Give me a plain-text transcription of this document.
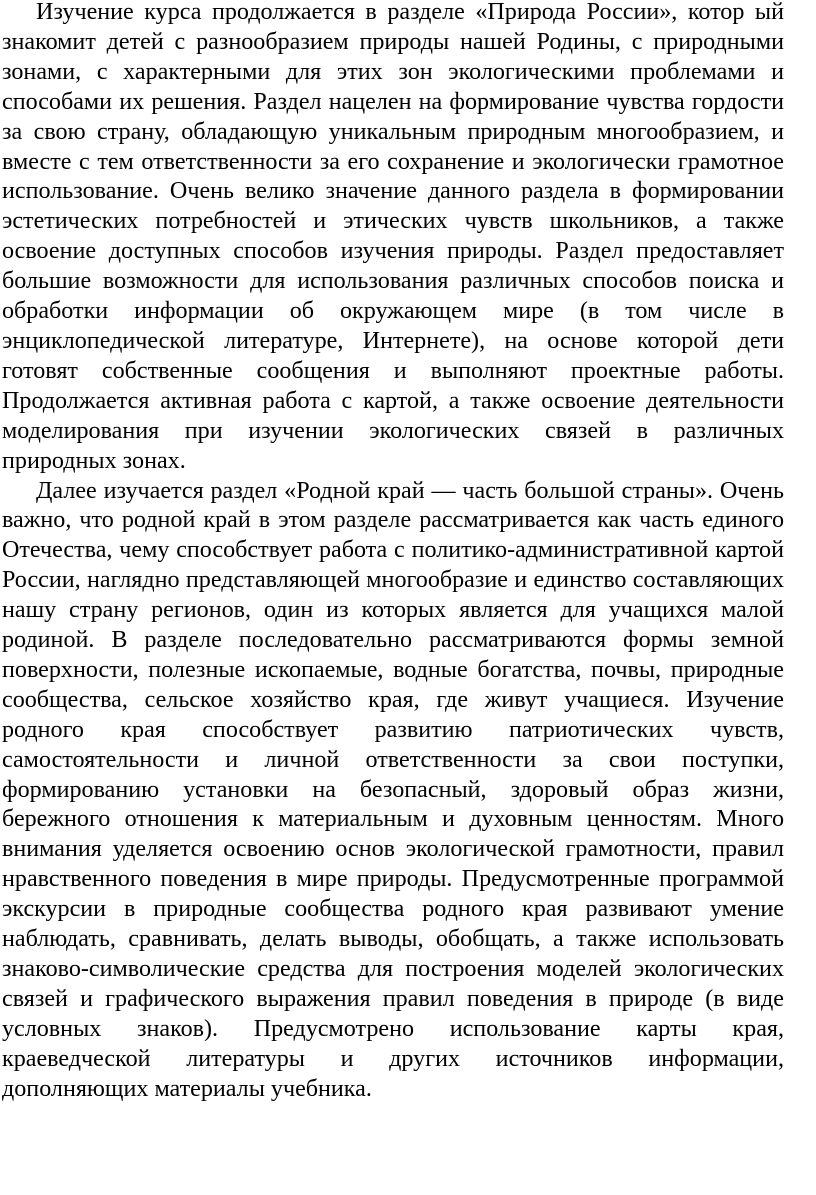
Изучение курса продолжается в разделе «Природа России», котор ый знакомит детей с разнообразием природы нашей Родины, с природными зонами, с характерными для этих зон экологическими проблемами и способами их решения. Раздел нацелен на формирование чувства гордости за свою страну, обладающую уникальным природным многообразием, и вместе с тем ответственности за его сохранение и экологически грамотное использование. Очень велико значение данного раздела в формировании эстетических потребностей и этических чувств школьников, а также освоение доступных способов изучения природы. Раздел предоставляет большие возможности для использования различных способов поиска и обработки информации об окружающем мире (в том числе в энциклопедической литературе, Интернете), на основе которой дети готовят собственные сообщения и выполняют проектные работы. Продолжается активная работа с картой, а также освоение деятельности моделирования при изучении экологических связей в различных природных зонах.

Далее изучается раздел «Родной край — часть большой страны». Очень важно, что родной край в этом разделе рассматривается как часть единого Отечества, чему способствует работа с политико-административной картой России, наглядно представляющей многообразие и единство составляющих нашу страну регионов, один из которых является для учащихся малой родиной. В разделе последовательно рассматриваются формы земной поверхности, полезные ископаемые, водные богатства, почвы, природные сообщества, сельское хозяйство края, где живут учащиеся. Изучение родного края способствует развитию патриотических чувств, самостоятельности и личной ответственности за свои поступки, формированию установки на безопасный, здоровый образ жизни, бережного отношения к материальным и духовным ценностям. Много внимания уделяется освоению основ экологической грамотности, правил нравственного поведения в мире природы. Предусмотренные программой экскурсии в природные сообщества родного края развивают умение наблюдать, сравнивать, делать выводы, обобщать, а также использовать знаково-символические средства для построения моделей экологических связей и графического выражения правил поведения в природе (в виде условных знаков). Предусмотрено использование карты края, краеведческой литературы и других источников информации, дополняющих материалы учебника.
